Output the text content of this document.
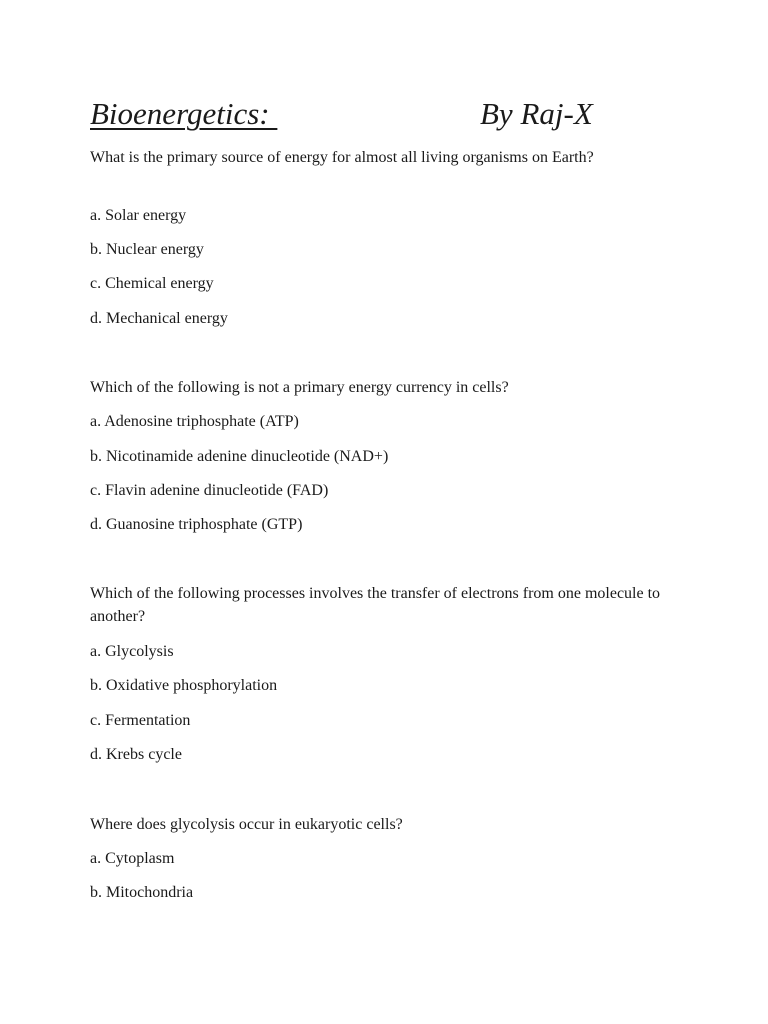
Bioenergetics:	By Raj-X
What is the primary source of energy for almost all living organisms on Earth?
a. Solar energy
b. Nuclear energy
c. Chemical energy
d. Mechanical energy
Which of the following is not a primary energy currency in cells?
a. Adenosine triphosphate (ATP)
b. Nicotinamide adenine dinucleotide (NAD+)
c. Flavin adenine dinucleotide (FAD)
d. Guanosine triphosphate (GTP)
Which of the following processes involves the transfer of electrons from one molecule to another?
a. Glycolysis
b. Oxidative phosphorylation
c. Fermentation
d. Krebs cycle
Where does glycolysis occur in eukaryotic cells?
a. Cytoplasm
b. Mitochondria
